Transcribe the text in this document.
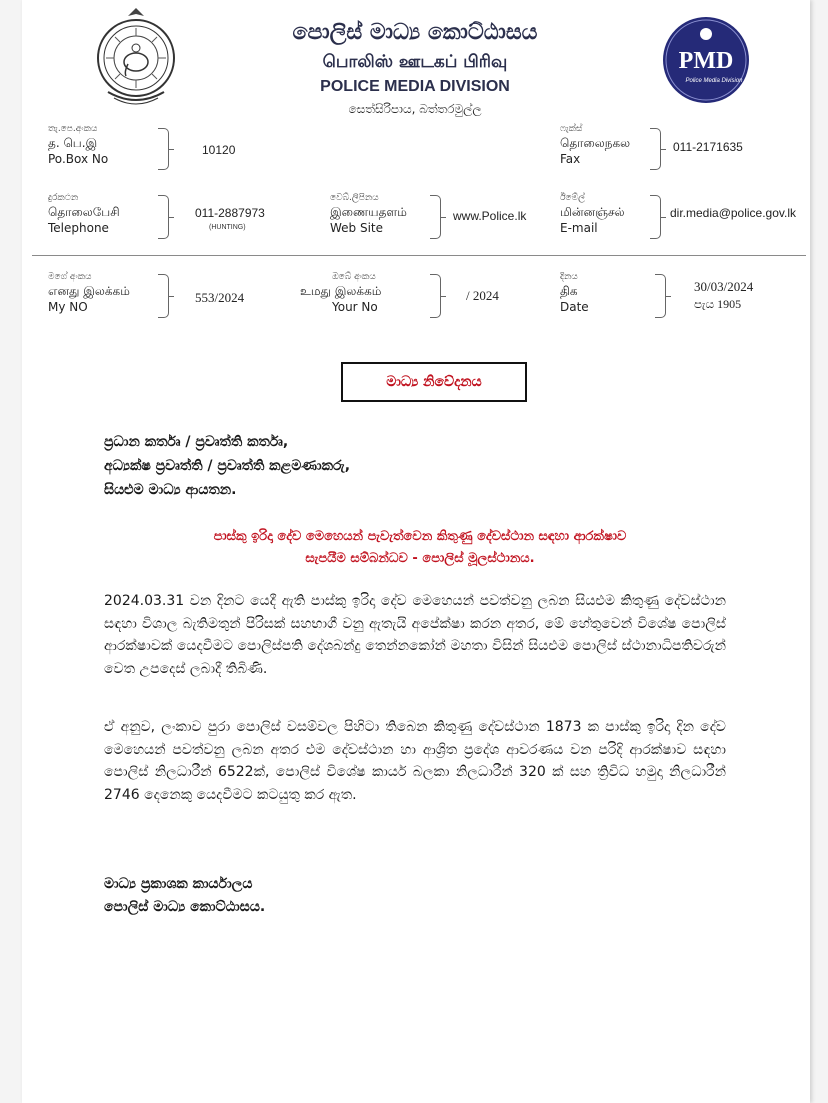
පොලිස් මාධ්‍ය කොට්ඨාසය
பொலிஸ் ஊடகப் பிரிவு
POLICE MEDIA DIVISION
සෙත්සිරිපාය, බත්තරමුල්ල
PMD
Police Media Division
තැ.පෙ.අංකය
த. பெ.இ
Po.Box No
10120
ෆැක්ස්
தொலைநகல
Fax
011-2171635
දුරකථන
தொலைபேசி
Telephone
011-2887973
(HUNTING)
වෙබ්.ලිපිනය
இணையதளம்
Web Site
www.Police.lk
ඊමේල්
மின்னஞ்சல்
E-mail
dir.media@police.gov.lk
මගේ අංකය
எனது இலக்கம்
My NO
553/2024
ඔබේ අංකය
உமது இலக்கம்
Your No
/ 2024
දිනය
திக
Date
30/03/2024
පැය 1905
මාධ්‍ය නිවේදනය
ප්‍රධාන කර්තෘ / ප්‍රවෘත්ති කර්තෘ,
අධ්‍යක්ෂ ප්‍රවෘත්ති / ප්‍රවෘත්ති කළමණාකරු,
සියළුම මාධ්‍ය ආයතන.
පාස්කු ඉරිදා දේව මෙහෙයන් පැවැත්වෙන කිතුණු දේවස්ථාන සඳහා ආරක්ෂාව
සැපයීම සම්බන්ධව - පොලිස් මූලස්ථානය.
2024.03.31 වන දිනට යෙදී ඇති පාස්කු ඉරිදා දේව මෙහෙයන් පවත්වනු ලබන සියළුම කිතුණු දේවස්ථාන සඳහා විශාල බැතිමතුන් පිරිසක් සහභාගී වනු ඇතැයි අපේක්ෂා කරන අතර, මේ හේතුවෙන් විශේෂ පොලිස් ආරක්ෂාවක් යෙදවීමට පොලිස්පති දේශබන්දු තෙන්නකෝන් මහතා විසින් සියළුම පොලිස් ස්ථානාධිපතිවරුන් වෙත උපදෙස් ලබාදී තිබිණි.
ඒ අනුව, ලංකාව පුරා පොලිස් වසම්වල පිහිටා තිබෙන කිතුණු දේවස්ථාන 1873 ක පාස්කු ඉරිදා දින දේව මෙහෙයන් පවත්වනු ලබන අතර එම දේවස්ථාන හා ආශ්‍රිත ප්‍රදේශ ආවරණය වන පරිදි ආරක්ෂාව සඳහා පොලිස් නිලධාරීන් 6522ක්, පොලිස් විශේෂ කාර්ය බලකා නිලධාරීන් 320 ක් සහ ත්‍රිවිධ හමුදා නිලධාරීන් 2746 දෙනෙකු යෙදවීමට කටයුතු කර ඇත.
මාධ්‍ය ප්‍රකාශක කාර්යාලය
පොලිස් මාධ්‍ය කොට්ඨාසය.
